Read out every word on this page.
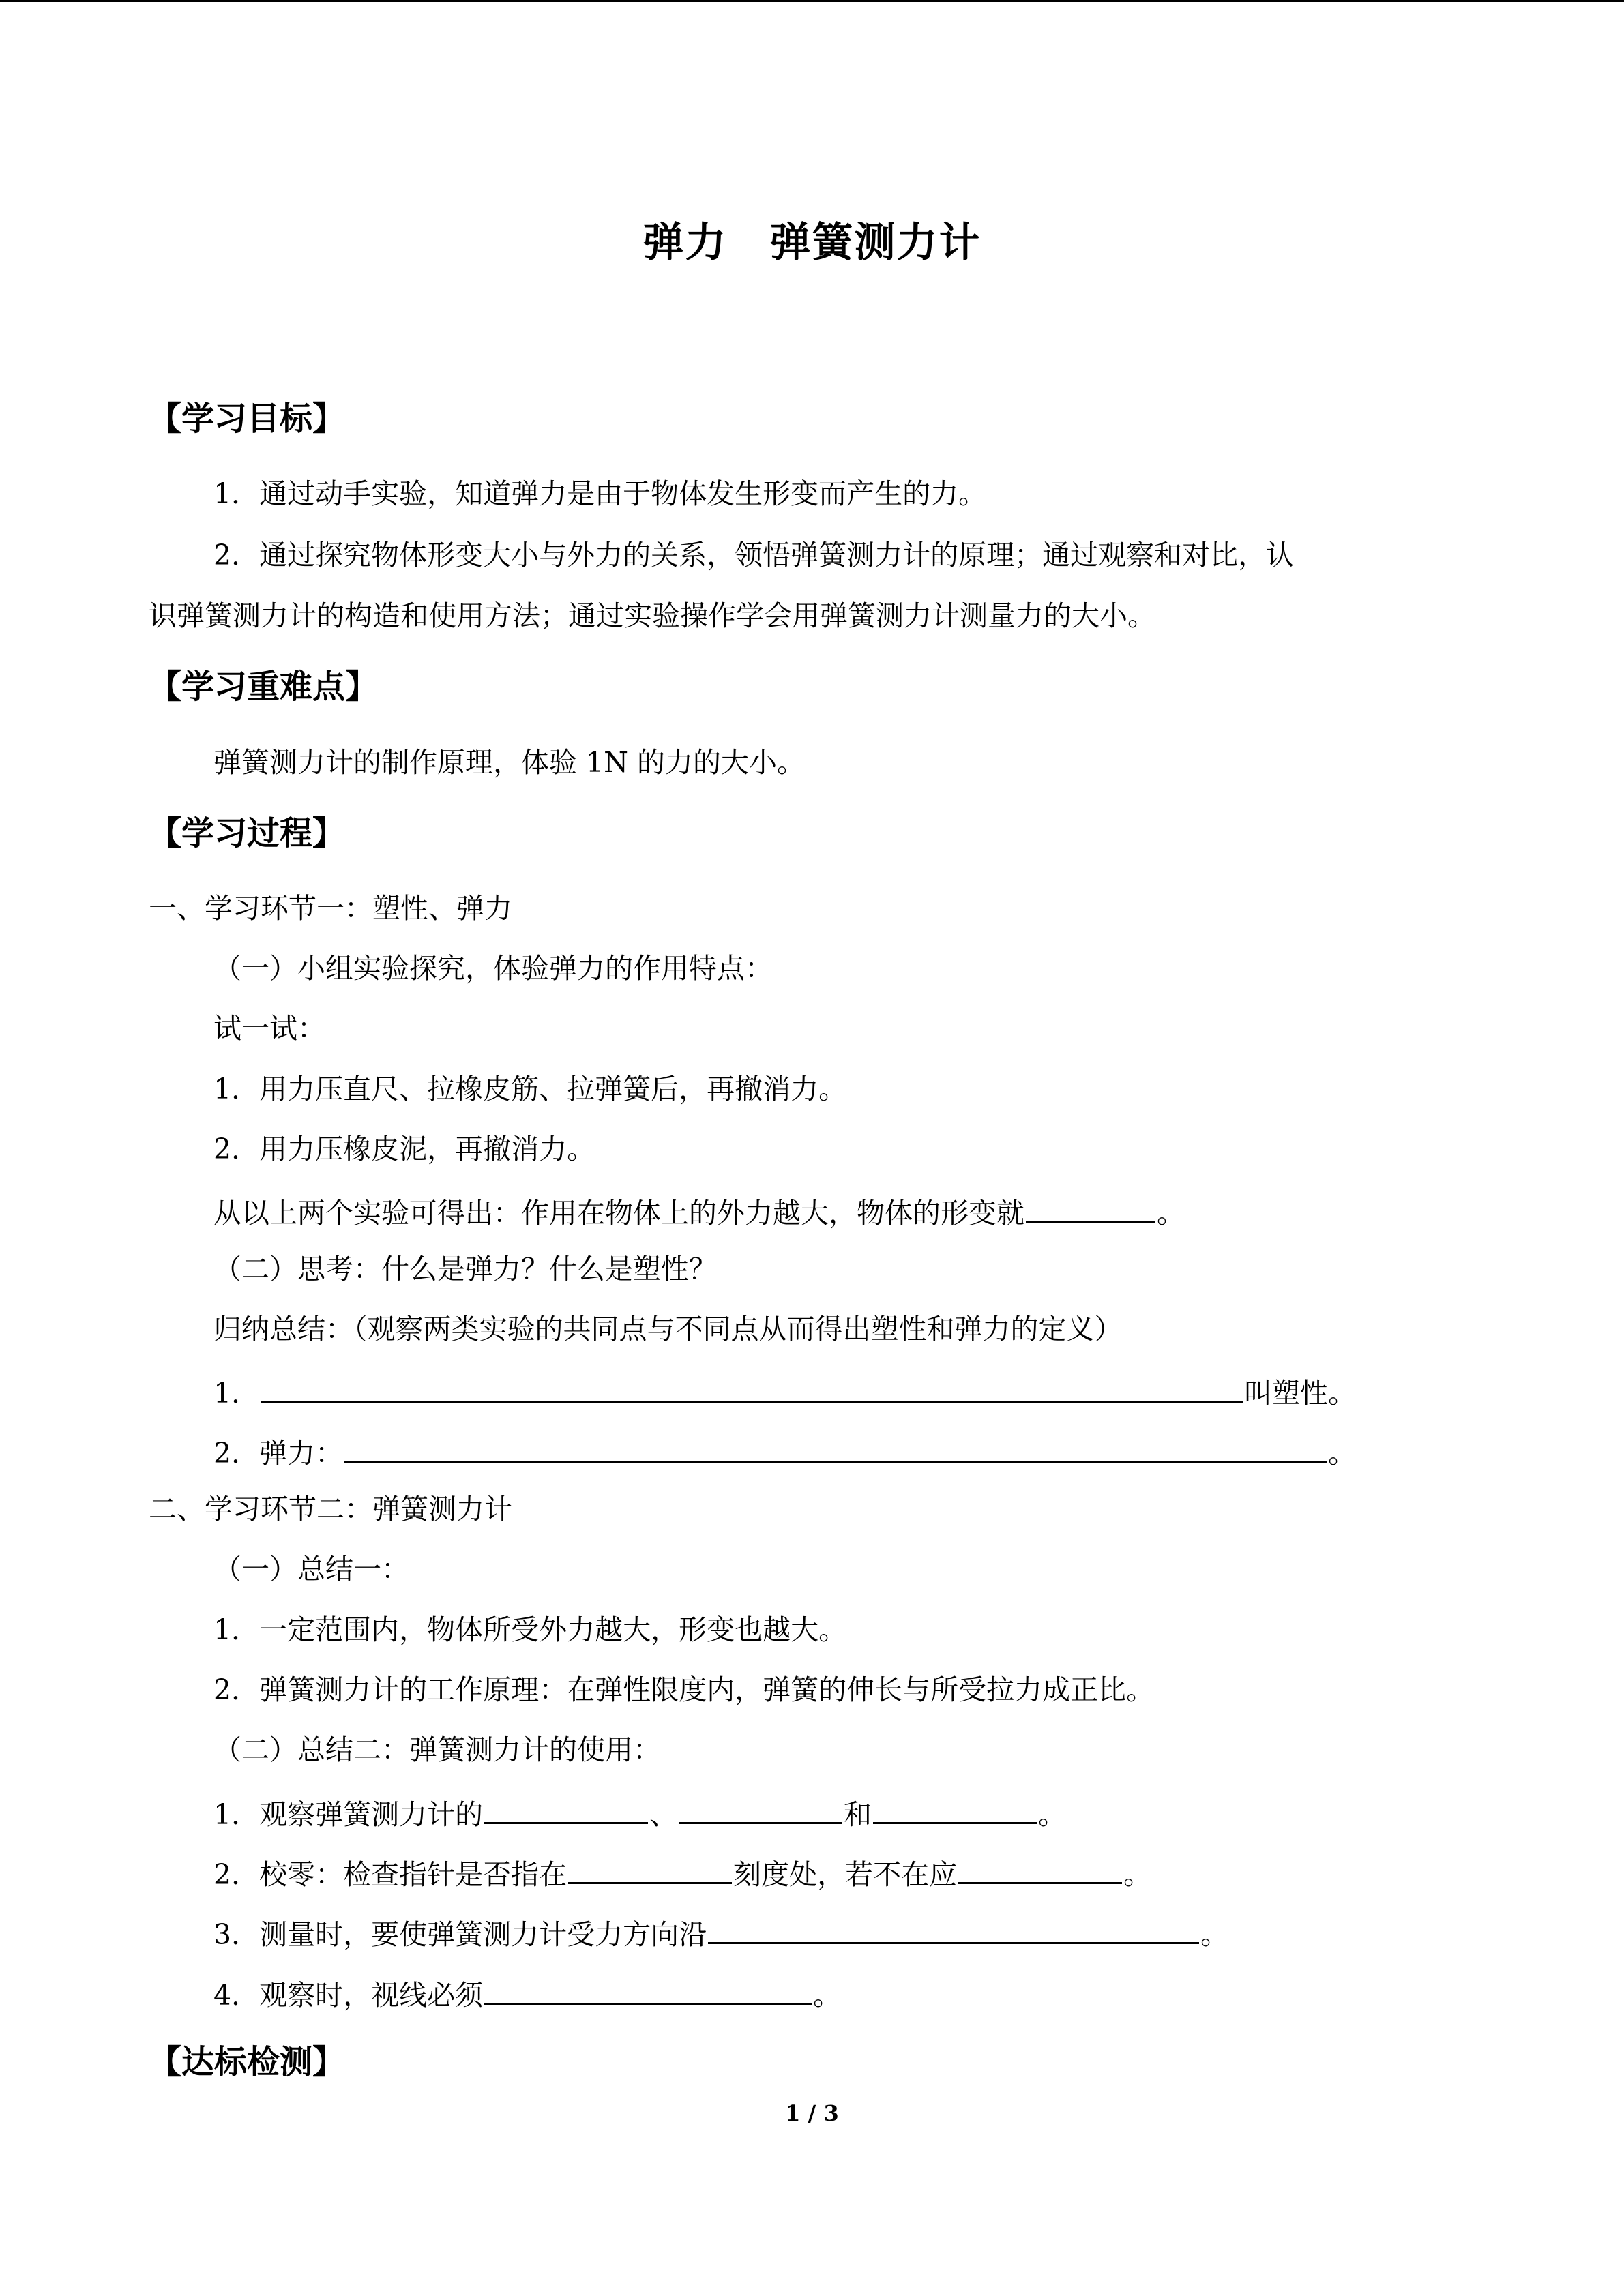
弹力　弹簧测力计
【学习目标】
1．通过动手实验，知道弹力是由于物体发生形变而产生的力。
2．通过探究物体形变大小与外力的关系，领悟弹簧测力计的原理；通过观察和对比，认
识弹簧测力计的构造和使用方法；通过实验操作学会用弹簧测力计测量力的大小。
【学习重难点】
弹簧测力计的制作原理，体验 1N 的力的大小。
【学习过程】
一、学习环节一：塑性、弹力
（一）小组实验探究，体验弹力的作用特点：
试一试：
1．用力压直尺、拉橡皮筋、拉弹簧后，再撤消力。
2．用力压橡皮泥，再撤消力。
从以上两个实验可得出：作用在物体上的外力越大，物体的形变就	。
（二）思考：什么是弹力？什么是塑性？
归纳总结：（观察两类实验的共同点与不同点从而得出塑性和弹力的定义）
1．	叫塑性。
2．弹力：	。
二、学习环节二：弹簧测力计
（一）总结一：
1．一定范围内，物体所受外力越大，形变也越大。
2．弹簧测力计的工作原理：在弹性限度内，弹簧的伸长与所受拉力成正比。
（二）总结二：弹簧测力计的使用：
1．观察弹簧测力计的	、	和	。
2．校零：检查指针是否指在	刻度处，若不在应	。
3．测量时，要使弹簧测力计受力方向沿	。
4．观察时，视线必须	。
【达标检测】
1 / 3
